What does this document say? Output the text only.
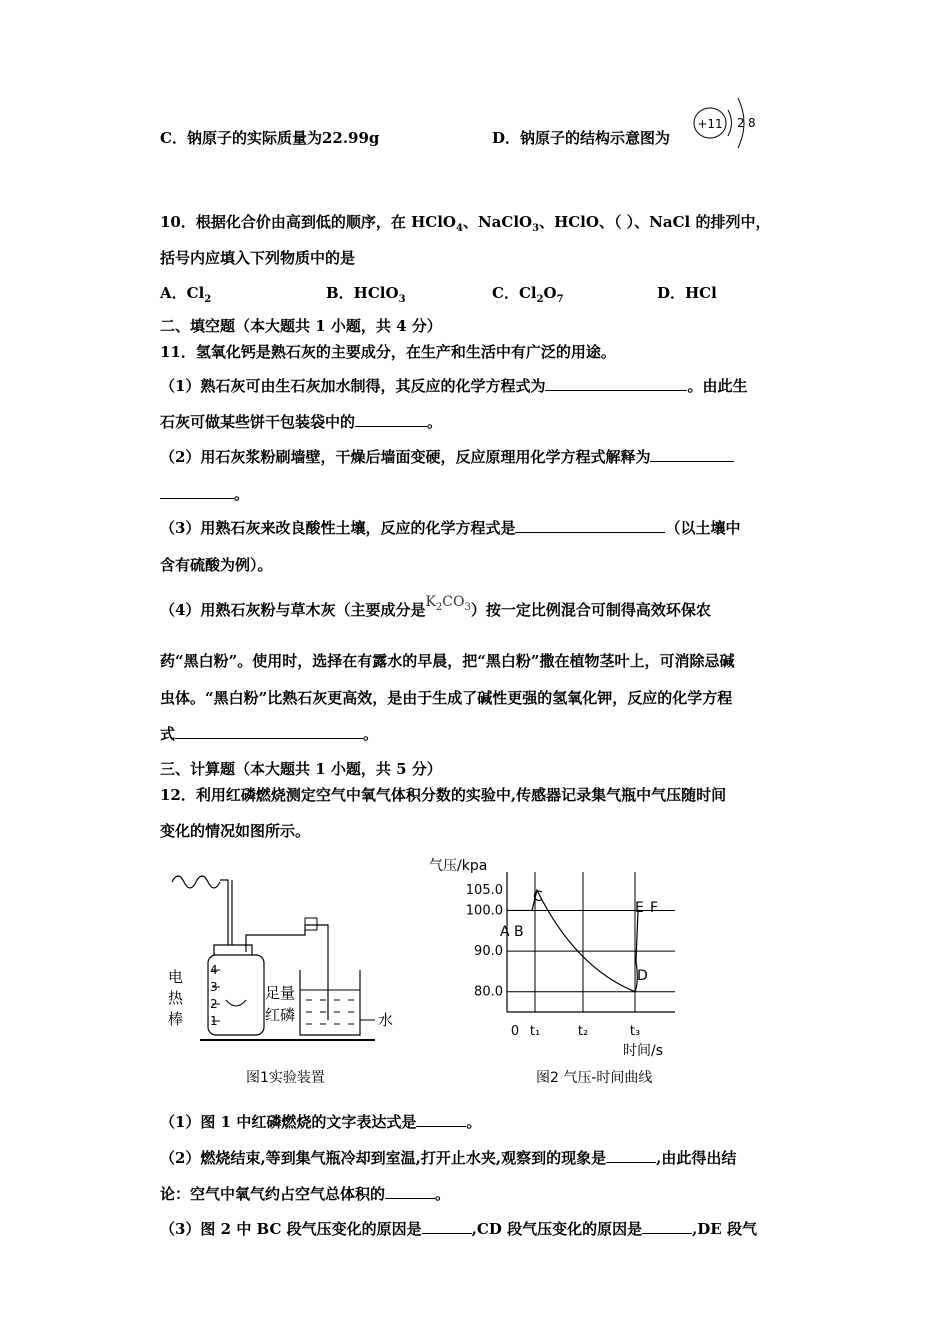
C．钠原子的实际质量为22.99g	D．钠原子的结构示意图为
+11 2 8
10．根据化合价由高到低的顺序，在 HClO$_4$、NaClO$_3$、HClO、（ ）、NaCl 的排列中，
括号内应填入下列物质中的是
A．$Cl_2$	B．HClO$_3$	C．$Cl_2O_7$	D．HCl
二、填空题（本大题共 1 小题，共 4 分）
11．氢氧化钙是熟石灰的主要成分，在生产和生活中有广泛的用途。
（1）熟石灰可由生石灰加水制得，其反应的化学方程式为	。由此生
石灰可做某些饼干包装袋中的	。
（2）用石灰浆粉刷墙壁，干燥后墙面变硬，反应原理用化学方程式解释为
。
（3）用熟石灰来改良酸性土壤，反应的化学方程式是	（以土壤中
含有硫酸为例）。
（4）用熟石灰粉与草木灰（主要成分是$K_2CO_3$）按一定比例混合可制得高效环保农
药“黑白粉”。使用时，选择在有露水的早晨，把“黑白粉”撒在植物茎叶上，可消除忌碱
虫体。“黑白粉”比熟石灰更高效，是由于生成了碱性更强的氢氧化钾，反应的化学方程
式	。
三、计算题（本大题共 1 小题，共 5 分）
12．利用红磷燃烧测定空气中氧气体积分数的实验中,传感器记录集气瓶中气压随时间
变化的情况如图所示。
电
热
棒
4
3
2
1
足量
红磷	水
图1实验装置
气压/kpa
80.0
90.0
100.0
105.0
0 t₁	t₂	t₃
时间/s
A B
C
D
E F
图2 气压-时间曲线
（1）图 1 中红磷燃烧的文字表达式是	。
（2）燃烧结束,等到集气瓶冷却到室温,打开止水夹,观察到的现象是	,由此得出结
论：空气中氧气约占空气总体积的	。
（3）图 2 中 BC 段气压变化的原因是	,CD 段气压变化的原因是	,DE 段气
